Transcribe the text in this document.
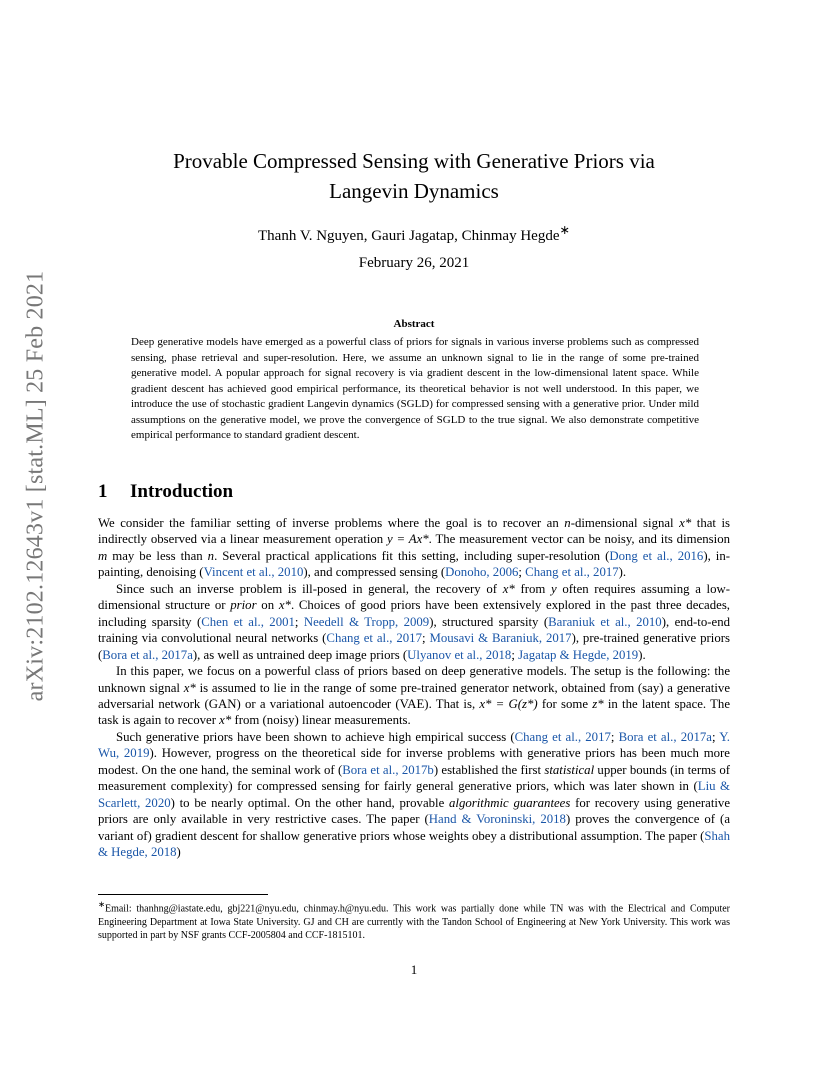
arXiv:2102.12643v1 [stat.ML] 25 Feb 2021
Provable Compressed Sensing with Generative Priors via
Langevin Dynamics
Thanh V. Nguyen, Gauri Jagatap, Chinmay Hegde∗
February 26, 2021
Abstract
Deep generative models have emerged as a powerful class of priors for signals in various inverse problems such as compressed sensing, phase retrieval and super-resolution. Here, we assume an unknown signal to lie in the range of some pre-trained generative model. A popular approach for signal recovery is via gradient descent in the low-dimensional latent space. While gradient descent has achieved good empirical performance, its theoretical behavior is not well understood. In this paper, we introduce the use of stochastic gradient Langevin dynamics (SGLD) for compressed sensing with a generative prior. Under mild assumptions on the generative model, we prove the convergence of SGLD to the true signal. We also demonstrate competitive empirical performance to standard gradient descent.
1 Introduction

We consider the familiar setting of inverse problems where the goal is to recover an n-dimensional signal x* that is indirectly observed via a linear measurement operation y = Ax*. The measurement vector can be noisy, and its dimension m may be less than n. Several practical applications fit this setting, including super-resolution (Dong et al., 2016), in-painting, denoising (Vincent et al., 2010), and compressed sensing (Donoho, 2006; Chang et al., 2017).

Since such an inverse problem is ill-posed in general, the recovery of x* from y often requires assuming a low-dimensional structure or prior on x*. Choices of good priors have been extensively explored in the past three decades, including sparsity (Chen et al., 2001; Needell & Tropp, 2009), structured sparsity (Baraniuk et al., 2010), end-to-end training via convolutional neural networks (Chang et al., 2017; Mousavi & Baraniuk, 2017), pre-trained generative priors (Bora et al., 2017a), as well as untrained deep image priors (Ulyanov et al., 2018; Jagatap & Hegde, 2019).

In this paper, we focus on a powerful class of priors based on deep generative models. The setup is the following: the unknown signal x* is assumed to lie in the range of some pre-trained generator network, obtained from (say) a generative adversarial network (GAN) or a variational autoencoder (VAE). That is, x* = G(z*) for some z* in the latent space. The task is again to recover x* from (noisy) linear measurements.

Such generative priors have been shown to achieve high empirical success (Chang et al., 2017; Bora et al., 2017a; Y. Wu, 2019). However, progress on the theoretical side for inverse problems with generative priors has been much more modest. On the one hand, the seminal work of (Bora et al., 2017b) established the first statistical upper bounds (in terms of measurement complexity) for compressed sensing for fairly general generative priors, which was later shown in (Liu & Scarlett, 2020) to be nearly optimal. On the other hand, provable algorithmic guarantees for recovery using generative priors are only available in very restrictive cases. The paper (Hand & Voroninski, 2018) proves the convergence of (a variant of) gradient descent for shallow generative priors whose weights obey a distributional assumption. The paper (Shah & Hegde, 2018)

∗Email: thanhng@iastate.edu, gbj221@nyu.edu, chinmay.h@nyu.edu. This work was partially done while TN was with the Electrical and Computer Engineering Department at Iowa State University. GJ and CH are currently with the Tandon School of Engineering at New York University. This work was supported in part by NSF grants CCF-2005804 and CCF-1815101.
1
